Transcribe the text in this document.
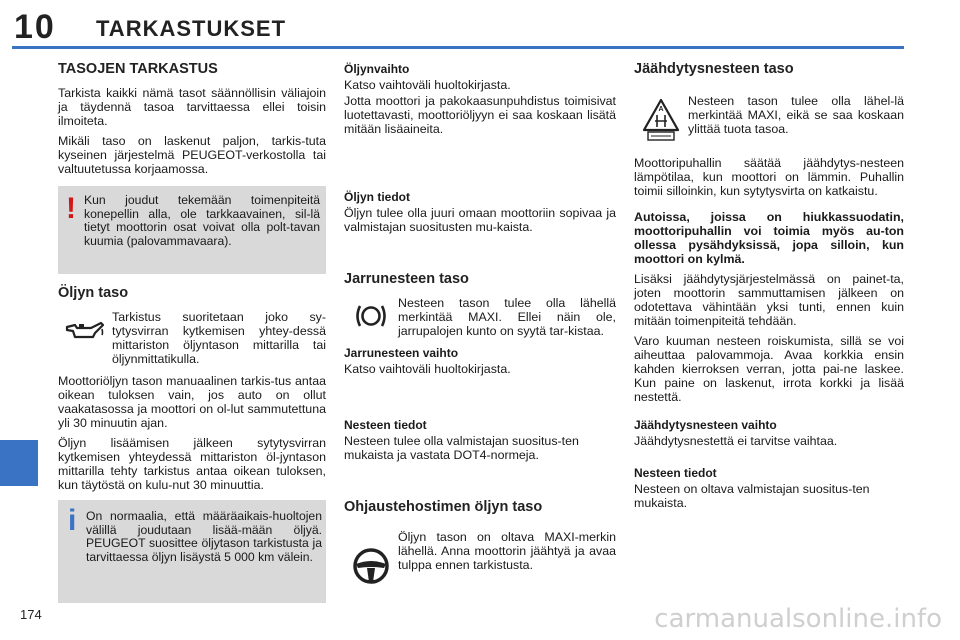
10 TARKASTUKSET
TASOJEN TARKASTUS

Tarkista kaikki nämä tasot säännöllisin väliajoin ja täydennä tasoa tarvittaessa ellei toisin ilmoiteta.

Mikäli taso on laskenut paljon, tarkis-tuta kyseinen järjestelmä PEUGEOT-verkostolla tai valtuutetussa korjaamossa.

! Kun joudut tekemään toimenpiteitä konepellin alla, ole tarkkaavainen, sil-lä tietyt moottorin osat voivat olla polt-tavan kuumia (palovammavaara).
Öljyn taso
Tarkistus suoritetaan joko sy-tytysvirran kytkemisen yhtey-dessä mittariston öljyntason mittarilla tai öljynmittatikulla.

Moottoriöljyn tason manuaalinen tarkis-tus antaa oikean tuloksen vain, jos auto on ollut vaakatasossa ja moottori on ol-lut sammutettuna yli 30 minuutin ajan.

Öljyn lisäämisen jälkeen sytytysvirran kytkemisen yhteydessä mittariston öl-jyntason mittarilla tehty tarkistus antaa oikean tuloksen, kun täytöstä on kulu-nut 30 minuuttia.

i On normaalia, että määräaikais-huoltojen välillä joudutaan lisää-mään öljyä. PEUGEOT suosittee öljytason tarkistusta ja tarvittaessa öljyn lisäystä 5 000 km välein.
Öljynvaihto

Katso vaihtoväli huoltokirjasta.

Jotta moottori ja pakokaasunpuhdistus toimisivat luotettavasti, moottoriöljyyn ei saa koskaan lisätä mitään lisäaineita.

Öljyn tiedot

Öljyn tulee olla juuri omaan moottoriin sopivaa ja valmistajan suositusten mu-kaista.

Jarrunesteen taso
Nesteen tason tulee olla lähellä merkintää MAXI. Ellei näin ole, jarrupalojen kunto on syytä tar-kistaa.
Jarrunesteen vaihto

Katso vaihtoväli huoltokirjasta.

Nesteen tiedot

Nesteen tulee olla valmistajan suositus-ten mukaista ja vastata DOT4-normeja.

Ohjaustehostimen öljyn taso
Öljyn tason on oltava MAXI-merkin lähellä. Anna moottorin jäähtyä ja avaa tulppa ennen tarkistusta.
Jäähdytysnesteen taso
A
Nesteen tason tulee olla lähel-lä merkintää MAXI, eikä se saa koskaan ylittää tuota tasoa.

Moottoripuhallin säätää jäähdytys-nesteen lämpötilaa, kun moottori on lämmin. Puhallin toimii silloinkin, kun sytytysvirta on katkaistu.

Autoissa, joissa on hiukkassuodatin, moottoripuhallin voi toimia myös au-ton ollessa pysähdyksissä, jopa silloin, kun moottori on kylmä.

Lisäksi jäähdytysjärjestelmässä on painet-ta, joten moottorin sammuttamisen jälkeen on odotettava vähintään yksi tunti, ennen kuin mitään toimenpiteitä tehdään.

Varo kuuman nesteen roiskumista, sillä se voi aiheuttaa palovammoja. Avaa korkkia ensin kahden kierroksen verran, jotta pai-ne laskee. Kun paine on laskenut, irrota korkki ja lisää nestettä.

Jäähdytysnesteen vaihto

Jäähdytysnestettä ei tarvitse vaihtaa.

Nesteen tiedot

Nesteen on oltava valmistajan suositus-ten mukaista.

174	carmanualsonline.info
